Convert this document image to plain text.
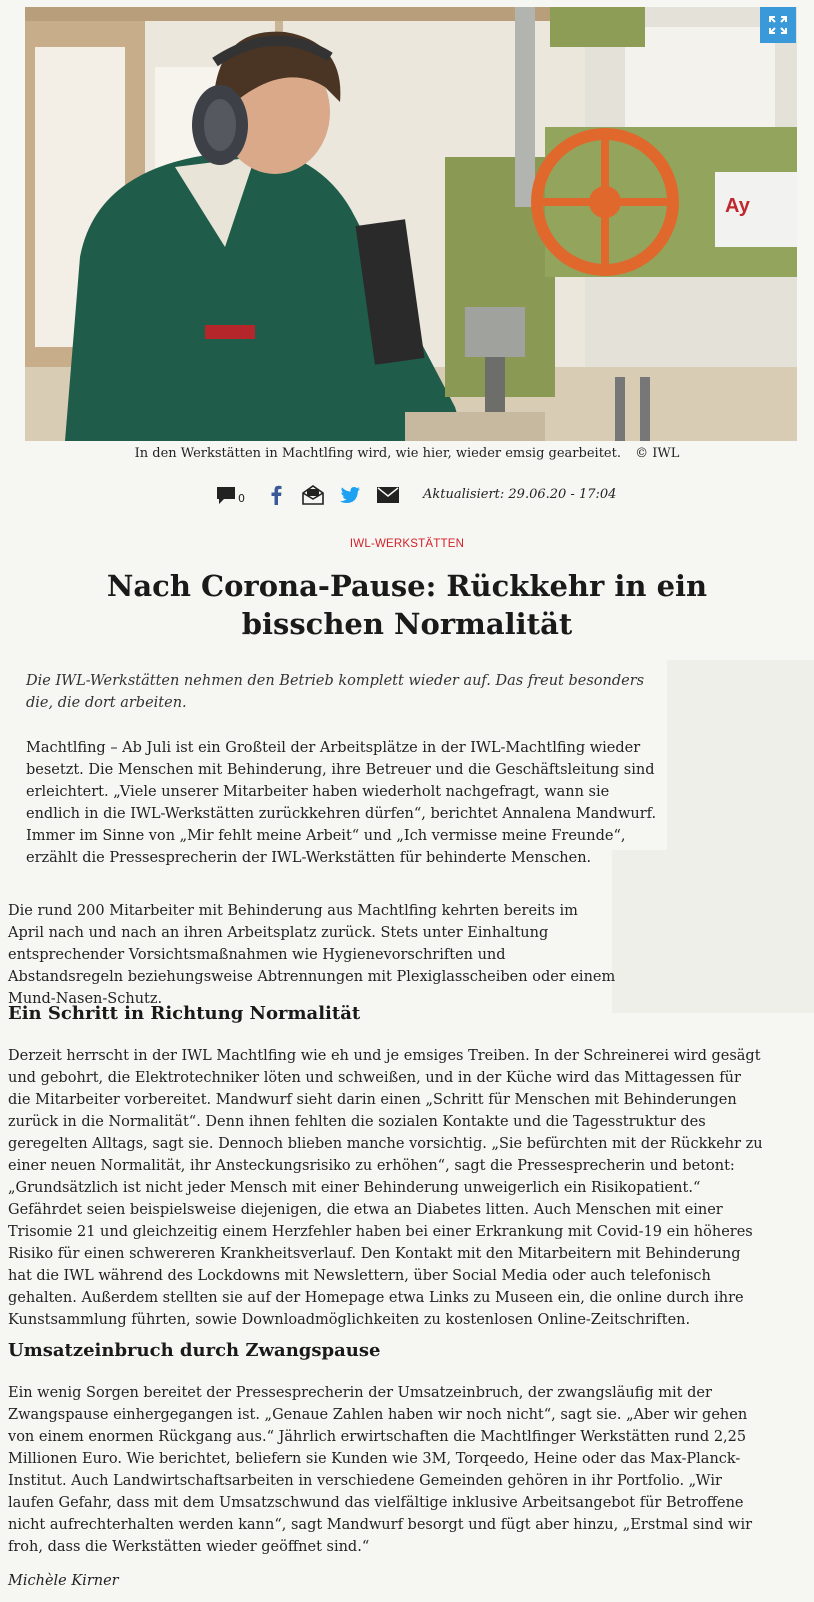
Ay
In den Werkstätten in Machtlfing wird, wie hier, wieder emsig gearbeitet. © IWL
0	Aktualisiert: 29.06.20 - 17:04
IWL-WERKSTÄTTEN
Nach Corona-Pause: Rückkehr in ein bisschen Normalität

Die IWL-Werkstätten nehmen den Betrieb komplett wieder auf. Das freut besonders die, die dort arbeiten.

Machtlfing – Ab Juli ist ein Großteil der Arbeitsplätze in der IWL-Machtlfing wieder besetzt. Die Menschen mit Behinderung, ihre Betreuer und die Geschäftsleitung sind erleichtert. „Viele unserer Mitarbeiter haben wiederholt nachgefragt, wann sie endlich in die IWL-Werkstätten zurückkehren dürfen“, berichtet Annalena Mandwurf. Immer im Sinne von „Mir fehlt meine Arbeit“ und „Ich vermisse meine Freunde“, erzählt die Pressesprecherin der IWL-Werkstätten für behinderte Menschen.

Die rund 200 Mitarbeiter mit Behinderung aus Machtlfing kehrten bereits im April nach und nach an ihren Arbeitsplatz zurück. Stets unter Einhaltung entsprechender Vorsichtsmaßnahmen wie Hygienevorschriften und Abstandsregeln beziehungsweise Abtrennungen mit Plexiglasscheiben oder einem Mund-Nasen-Schutz.

Ein Schritt in Richtung Normalität

Derzeit herrscht in der IWL Machtlfing wie eh und je emsiges Treiben. In der Schreinerei wird gesägt und gebohrt, die Elektrotechniker löten und schweißen, und in der Küche wird das Mittagessen für die Mitarbeiter vorbereitet. Mandwurf sieht darin einen „Schritt für Menschen mit Behinderungen zurück in die Normalität“. Denn ihnen fehlten die sozialen Kontakte und die Tagesstruktur des geregelten Alltags, sagt sie. Dennoch blieben manche vorsichtig. „Sie befürchten mit der Rückkehr zu einer neuen Normalität, ihr Ansteckungsrisiko zu erhöhen“, sagt die Pressesprecherin und betont: „Grundsätzlich ist nicht jeder Mensch mit einer Behinderung unweigerlich ein Risikopatient.“ Gefährdet seien beispielsweise diejenigen, die etwa an Diabetes litten. Auch Menschen mit einer Trisomie 21 und gleichzeitig einem Herzfehler haben bei einer Erkrankung mit Covid-19 ein höheres Risiko für einen schwereren Krankheitsverlauf. Den Kontakt mit den Mitarbeitern mit Behinderung hat die IWL während des Lockdowns mit Newslettern, über Social Media oder auch telefonisch gehalten. Außerdem stellten sie auf der Homepage etwa Links zu Museen ein, die online durch ihre Kunstsammlung führten, sowie Downloadmöglichkeiten zu kostenlosen Online-Zeitschriften.

Umsatzeinbruch durch Zwangspause

Ein wenig Sorgen bereitet der Pressesprecherin der Umsatzeinbruch, der zwangsläufig mit der Zwangspause einhergegangen ist. „Genaue Zahlen haben wir noch nicht“, sagt sie. „Aber wir gehen von einem enormen Rückgang aus.“ Jährlich erwirtschaften die Machtlfinger Werkstätten rund 2,25 Millionen Euro. Wie berichtet, beliefern sie Kunden wie 3M, Torqeedo, Heine oder das Max-Planck-Institut. Auch Landwirtschaftsarbeiten in verschiedene Gemeinden gehören in ihr Portfolio. „Wir laufen Gefahr, dass mit dem Umsatzschwund das vielfältige inklusive Arbeitsangebot für Betroffene nicht aufrechterhalten werden kann“, sagt Mandwurf besorgt und fügt aber hinzu, „Erstmal sind wir froh, dass die Werkstätten wieder geöffnet sind.“

Michèle Kirner
